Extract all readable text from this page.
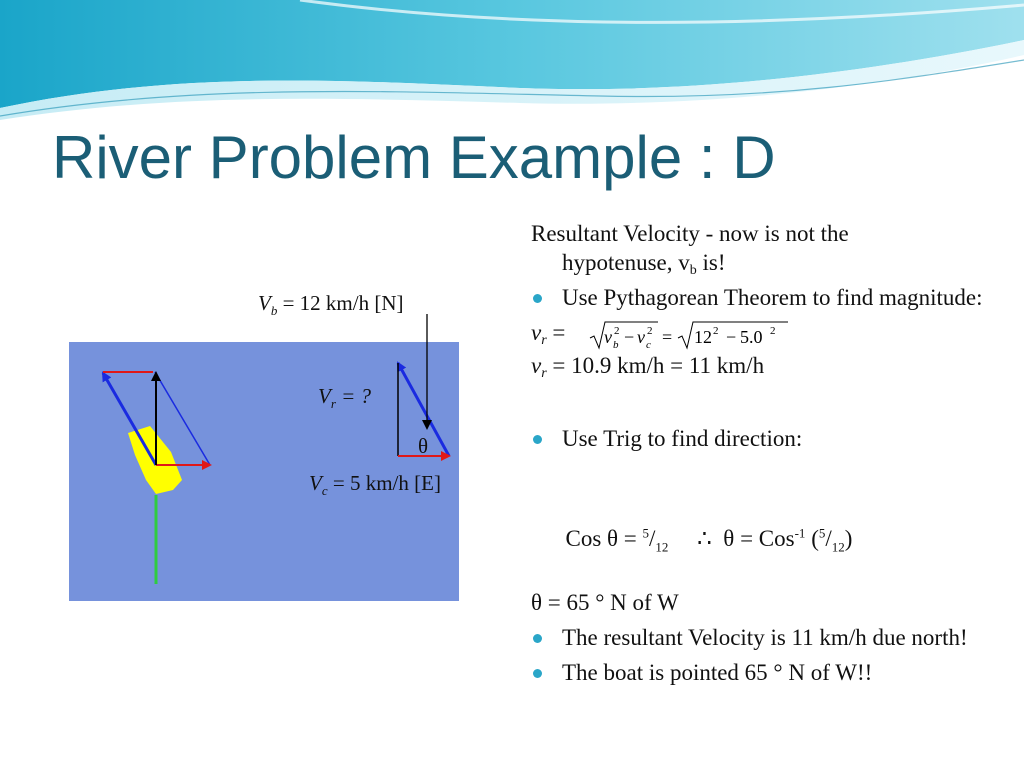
River Problem Example : D
$V_b = 12$ km/h [N]
$V_r$ = ?
θ
$V_c = 5$ km/h [E]
Resultant Velocity - now is not the
hypotenuse, $v_b$ is!
Use Pythagorean Theorem to find magnitude:
$v_r = v$ b
2 − v c
2 = 12 2 − 5.0 2
$v_r = 10.9$ km/h = 11 km/h
Use Trig to find direction:

Cos $\theta = ^5/_{12}$     ∴  θ = Cos$^{-1}$ $(^5/_{12})$

θ = 65 ° N of W
The resultant Velocity is 11 km/h due north!
The boat is pointed 65 ° N of W!!
